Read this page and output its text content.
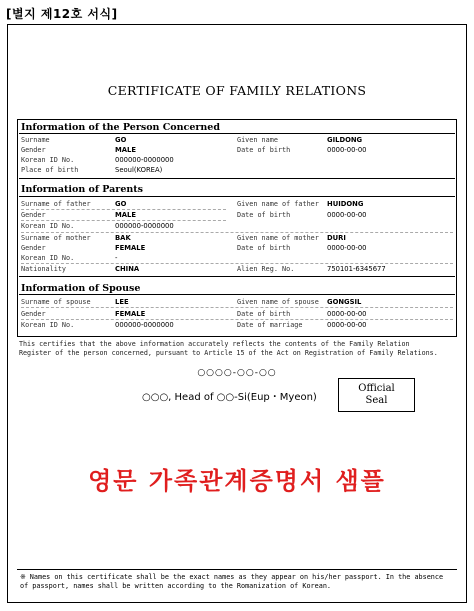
[별지 제12호 서식]
CERTIFICATE OF FAMILY RELATIONS
Information of the Person Concerned
Surname	GO	Given name	GILDONG
Gender	MALE	Date of birth	0000-00-00
Korean ID No.	000000-0000000
Place of birth	Seoul(KOREA)
Information of Parents
Surname of father	GO	Given name of father HUIDONG
Gender	MALE	Date of birth	0000-00-00
Korean ID No.	000000-0000000
Surname of mother	BAK	Given name of mother DURI
Gender	FEMALE	Date of birth	0000-00-00
Korean ID No.	-
Nationality	CHINA	Alien Reg. No.	750101-6345677
Information of Spouse
Surname of spouse	LEE	Given name of spouse GONGSIL
Gender	FEMALE	Date of birth	0000-00-00
Korean ID No.	000000-0000000	Date of marriage	0000-00-00
This certifies that the above information accurately reflects the contents of the Family Relation
Register of the person concerned, pursuant to Article 15 of the Act on Registration of Family Relations.
○○○○-○○-○○
○○○, Head of ○○-Si(Eup・Myeon)
Official
Seal
영문 가족관계증명서 샘플
※ Names on this certificate shall be the exact names as they appear on his/her passport. In the absence
of passport, names shall be written according to the Romanization of Korean.
